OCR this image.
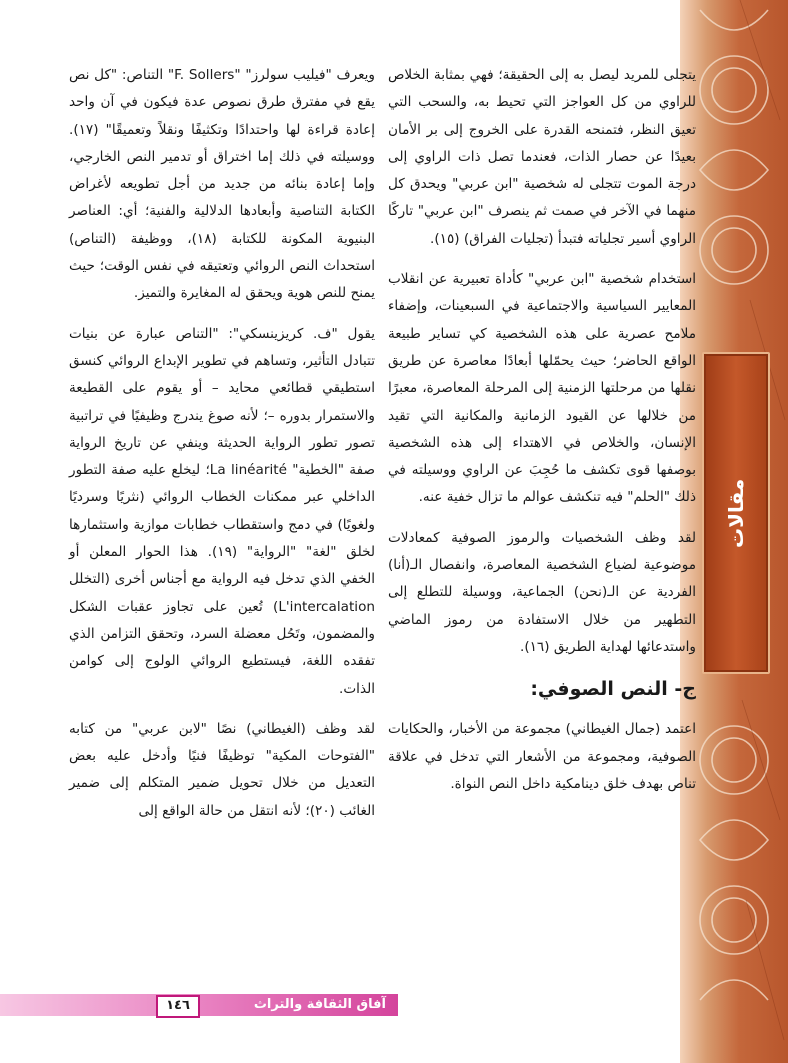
مقالات

يتجلى للمريد ليصل به إلى الحقيقة؛ فهي بمثابة الخلاص للراوي من كل العواجز التي تحيط به، والسحب التي تعيق النظر، فتمنحه القدرة على الخروج إلى بر الأمان بعيدًا عن حصار الذات، فعندما تصل ذات الراوي إلى درجة الموت تتجلى له شخصية "ابن عربي" ويحدق كل منهما في الآخر في صمت ثم ينصرف "ابن عربي" تاركًا الراوي أسير تجلياته فتبدأ (تجليات الفراق) (١٥).

استخدام شخصية "ابن عربي" كأداة تعبيرية عن انقلاب المعايير السياسية والاجتماعية في السبعينات، وإضفاء ملامح عصرية على هذه الشخصية كي تساير طبيعة الواقع الحاضر؛ حيث يحمّلها أبعادًا معاصرة عن طريق نقلها من مرحلتها الزمنية إلى المرحلة المعاصرة، معبرًا من خلالها عن القيود الزمانية والمكانية التي تقيد الإنسان، والخلاص في الاهتداء إلى هذه الشخصية بوصفها قوى تكشف ما حُجِبَ عن الراوي ووسيلته في ذلك "الحلم" فيه تنكشف عوالم ما تزال خفية عنه.

لقد وظف الشخصيات والرموز الصوفية كمعادلات موضوعية لضياع الشخصية المعاصرة، وانفصال الـ(أنا) الفردية عن الـ(نحن) الجماعية، ووسيلة للتطلع إلى التطهير من خلال الاستفادة من رموز الماضي واستدعائها لهداية الطريق (١٦).

ج- النص الصوفي:

اعتمد (جمال الغيطاني) مجموعة من الأخبار، والحكايات الصوفية، ومجموعة من الأشعار التي تدخل في علاقة تناص بهدف خلق دينامكية داخل النص النواة.

ويعرف "فيليب سولرز" "F. Sollers" التناص: "كل نص يقع في مفترق طرق نصوص عدة فيكون في آن واحد إعادة قراءة لها واحتدادًا وتكثيفًا ونقلاً وتعميقًا" (١٧). ووسيلته في ذلك إما اختراق أو تدمير النص الخارجي، وإما إعادة بنائه من جديد من أجل تطويعه لأغراض الكتابة التناصية وأبعادها الدلالية والفنية؛ أي: العناصر البنيوية المكونة للكتابة (١٨)، ووظيفة (التناص) استحداث النص الروائي وتعتيقه في نفس الوقت؛ حيث يمنح للنص هوية ويحقق له المغايرة والتميز.

يقول "ف. كريزينسكي": "التناص عبارة عن بنيات تتبادل التأثير، وتساهم في تطوير الإبداع الروائي كنسق استطيقي قطائعي محايد – أو يقوم على القطيعة والاستمرار بدوره –؛ لأنه صوغ يندرج وظيفيًا في تراتبية تصور تطور الرواية الحديثة وينفي عن تاريخ الرواية صفة "الخطية" La linéarité؛ ليخلع عليه صفة التطور الداخلي عبر ممكنات الخطاب الروائي (نثريًا وسرديًا ولغويًا) في دمج واستقطاب خطابات موازية واستثمارها لخلق "لغة" "الرواية" (١٩). هذا الحوار المعلن أو الخفي الذي تدخل فيه الرواية مع أجناس أخرى (التخلل L'intercalation) تُعين على تجاوز عقبات الشكل والمضمون، وتَحُل معضلة السرد، وتحقق التزامن الذي تفقده اللغة، فيستطيع الروائي الولوج إلى كوامن الذات.

لقد وظف (الغيطاني) نصًا "لابن عربي" من كتابه "الفتوحات المكية" توظيفًا فنيًا وأدخل عليه بعض التعديل من خلال تحويل ضمير المتكلم إلى ضمير الغائب (٢٠)؛ لأنه انتقل من حالة الواقع إلى

آفاق الثقافة والتراث
١٤٦
